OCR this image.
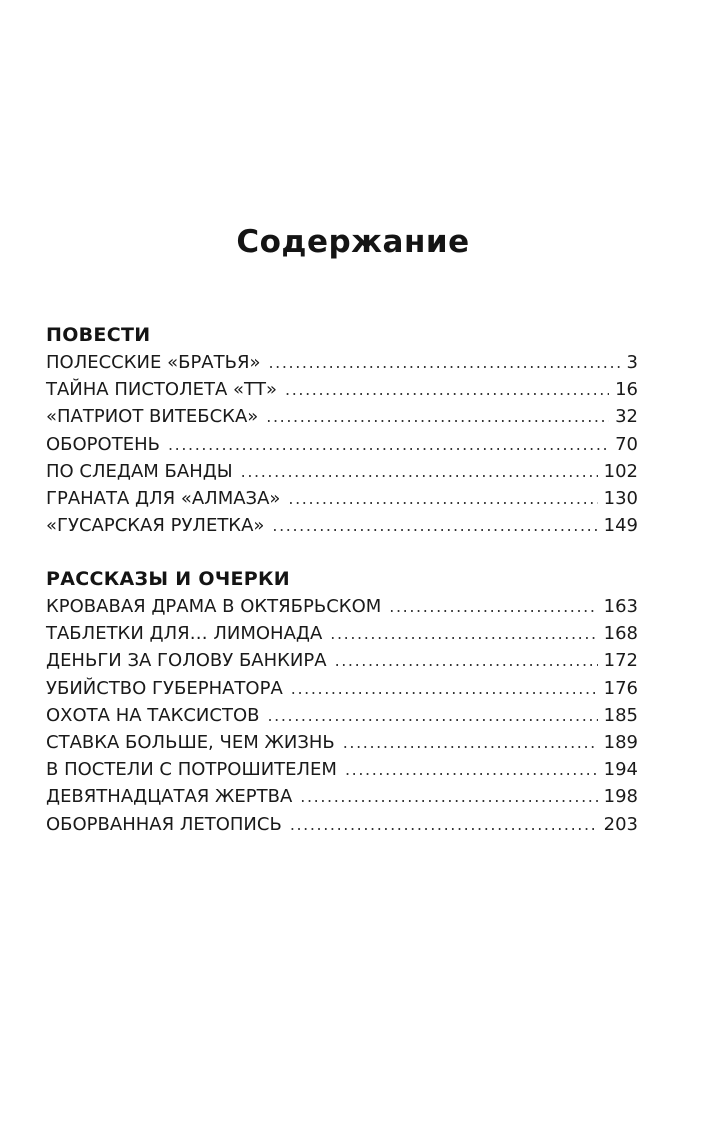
Содержание
ПОВЕСТИ
ПОЛЕССКИЕ «БРАТЬЯ» .....	3
ТАЙНА ПИСТОЛЕТА «ТТ» .....	16
«ПАТРИОТ ВИТЕБСКА» .....	32
ОБОРОТЕНЬ .....	70
ПО СЛЕДАМ БАНДЫ .....	102
ГРАНАТА ДЛЯ «АЛМАЗА» .....	130
«ГУСАРСКАЯ РУЛЕТКА» .....	149
РАССКАЗЫ И ОЧЕРКИ
КРОВАВАЯ ДРАМА В ОКТЯБРЬСКОМ .....	163
ТАБЛЕТКИ ДЛЯ… ЛИМОНАДА .....	168
ДЕНЬГИ ЗА ГОЛОВУ БАНКИРА .....	172
УБИЙСТВО ГУБЕРНАТОРА .....	176
ОХОТА НА ТАКСИСТОВ .....	185
СТАВКА БОЛЬШЕ, ЧЕМ ЖИЗНЬ .....	189
В ПОСТЕЛИ С ПОТРОШИТЕЛЕМ .....	194
ДЕВЯТНАДЦАТАЯ ЖЕРТВА .....	198
ОБОРВАННАЯ ЛЕТОПИСЬ .....	203
